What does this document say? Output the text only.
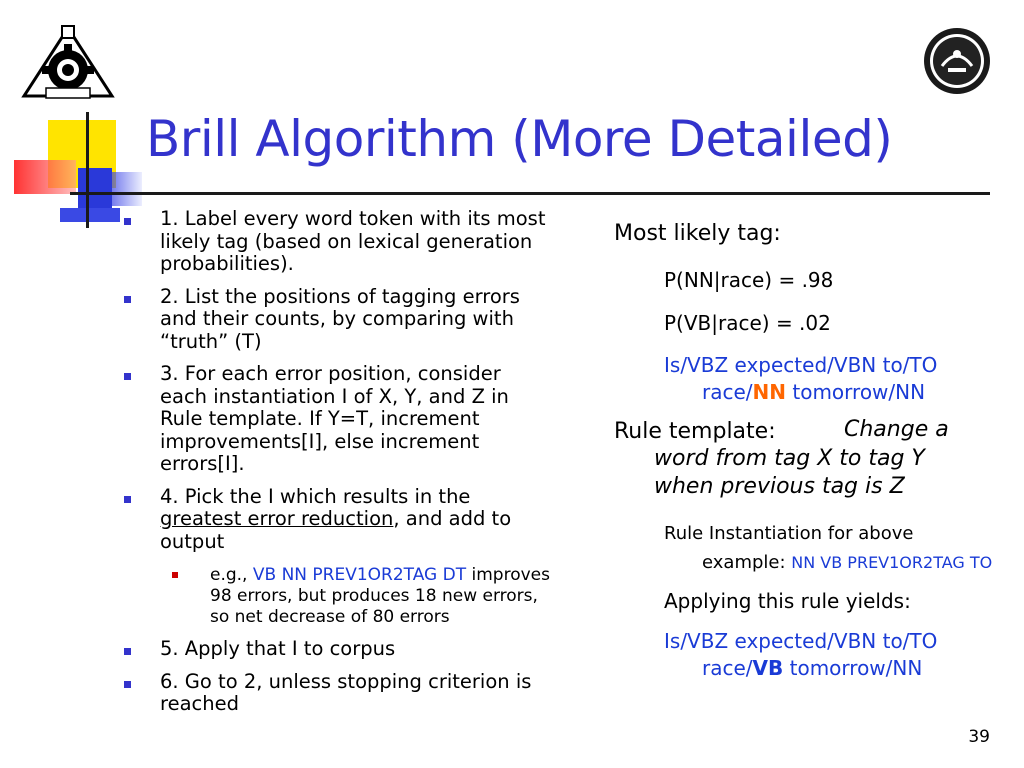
Brill Algorithm (More Detailed)
1. Label every word token with its most likely tag (based on lexical generation probabilities).
2. List the positions of tagging errors and their counts, by comparing with “truth” (T)
3. For each error position, consider each instantiation I of X, Y, and Z in Rule template. If Y=T, increment improvements[I], else increment errors[I].
4. Pick the I which results in the greatest error reduction, and add to output
e.g., VB NN PREV1OR2TAG DT improves 98 errors, but produces 18 new errors, so net decrease of 80 errors
5. Apply that I to corpus
6. Go to 2, unless stopping criterion is reached
Most likely tag:
P(NN|race) = .98
P(VB|race) = .02
Is/VBZ expected/VBN to/TO
race/NN tomorrow/NN
Rule template:	Change a
word from tag X to tag Y
when previous tag is Z
Rule Instantiation for above
example: NN VB PREV1OR2TAG TO
Applying this rule yields:
Is/VBZ expected/VBN to/TO
race/VB tomorrow/NN
39
